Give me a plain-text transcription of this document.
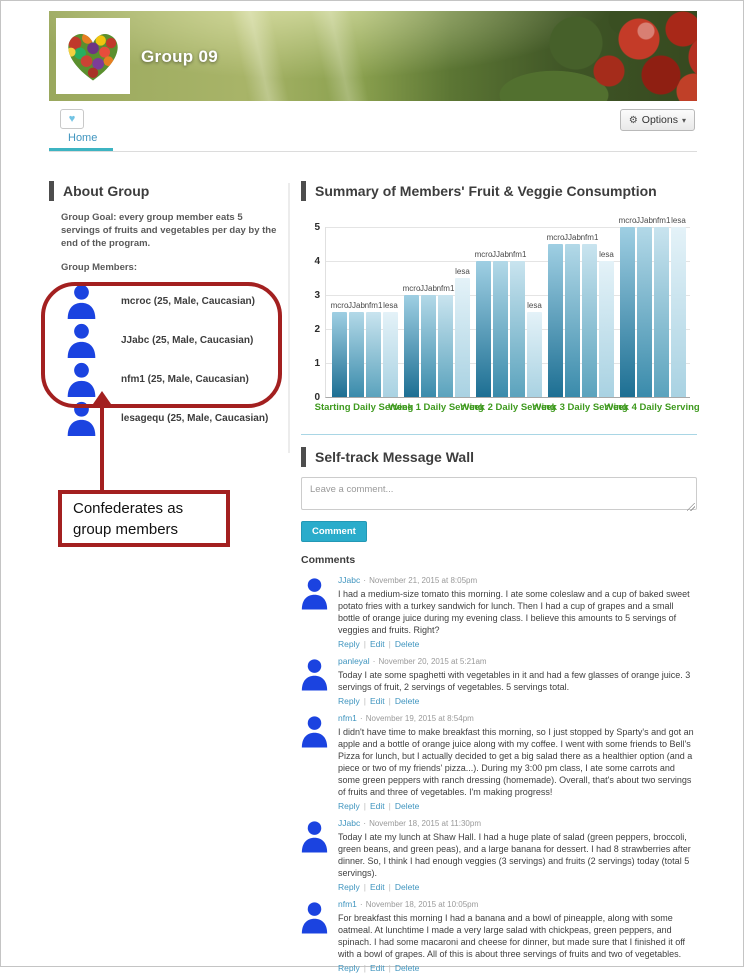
Group 09
♥	⚙ Options ▾
Home
About Group

Group Goal: every group member eats 5 servings of fruits and vegetables per day by the end of the program.

Group Members:

mcroc (25, Male, Caucasian)
JJabc (25, Male, Caucasian)
nfm1 (25, Male, Caucasian)
lesagequ (25, Male, Caucasian)
Confederates as
group members
Summary of Members' Fruit & Veggie Consumption
0
1
2
3
4
5
mcro JJab nfm1 lesa
mcro JJab nfm1
lesa
mcro JJab nfm1
lesa
mcro JJab nfm1
lesa
mcro JJab nfm1 lesa
Starting Daily Serving
Week 1 Daily Serving
Week 2 Daily Serving
Week 3 Daily Serving
Week 4 Daily Serving
Self-track Message Wall
Leave a comment...
Comment
Comments
JJabc · November 21, 2015 at 8:05pm
I had a medium-size tomato this morning. I ate some coleslaw and a cup of baked sweet potato fries with a turkey sandwich for lunch. Then I had a cup of grapes and a small bottle of orange juice during my evening class. I believe this amounts to 5 servings of veggies and fruits. Right?
Reply | Edit | Delete
panleyal · November 20, 2015 at 5:21am
Today I ate some spaghetti with vegetables in it and had a few glasses of orange juice. 3 servings of fruit, 2 servings of vegetables. 5 servings total.
Reply | Edit | Delete
nfm1 · November 19, 2015 at 8:54pm
I didn't have time to make breakfast this morning, so I just stopped by Sparty's and got an apple and a bottle of orange juice along with my coffee. I went with some friends to Bell's Pizza for lunch, but I actually decided to get a big salad there as a healthier option (and a piece or two of my friends' pizza...). During my 3:00 pm class, I ate some carrots and some green peppers with ranch dressing (homemade). Overall, that's about two servings of fruits and three of vegetables. I'm making progress!
Reply | Edit | Delete
JJabc · November 18, 2015 at 11:30pm
Today I ate my lunch at Shaw Hall. I had a huge plate of salad (green peppers, broccoli, green beans, and green peas), and a large banana for dessert. I had 8 strawberries after dinner. So, I think I had enough veggies (3 servings) and fruits (2 servings) today (total 5 servings).
Reply | Edit | Delete
nfm1 · November 18, 2015 at 10:05pm
For breakfast this morning I had a banana and a bowl of pineapple, along with some oatmeal. At lunchtime I made a very large salad with chickpeas, green peppers, and spinach. I had some macaroni and cheese for dinner, but made sure that I finished it off with a bowl of grapes. All of this is about three servings of fruits and two of vegetables.
Reply | Edit | Delete
